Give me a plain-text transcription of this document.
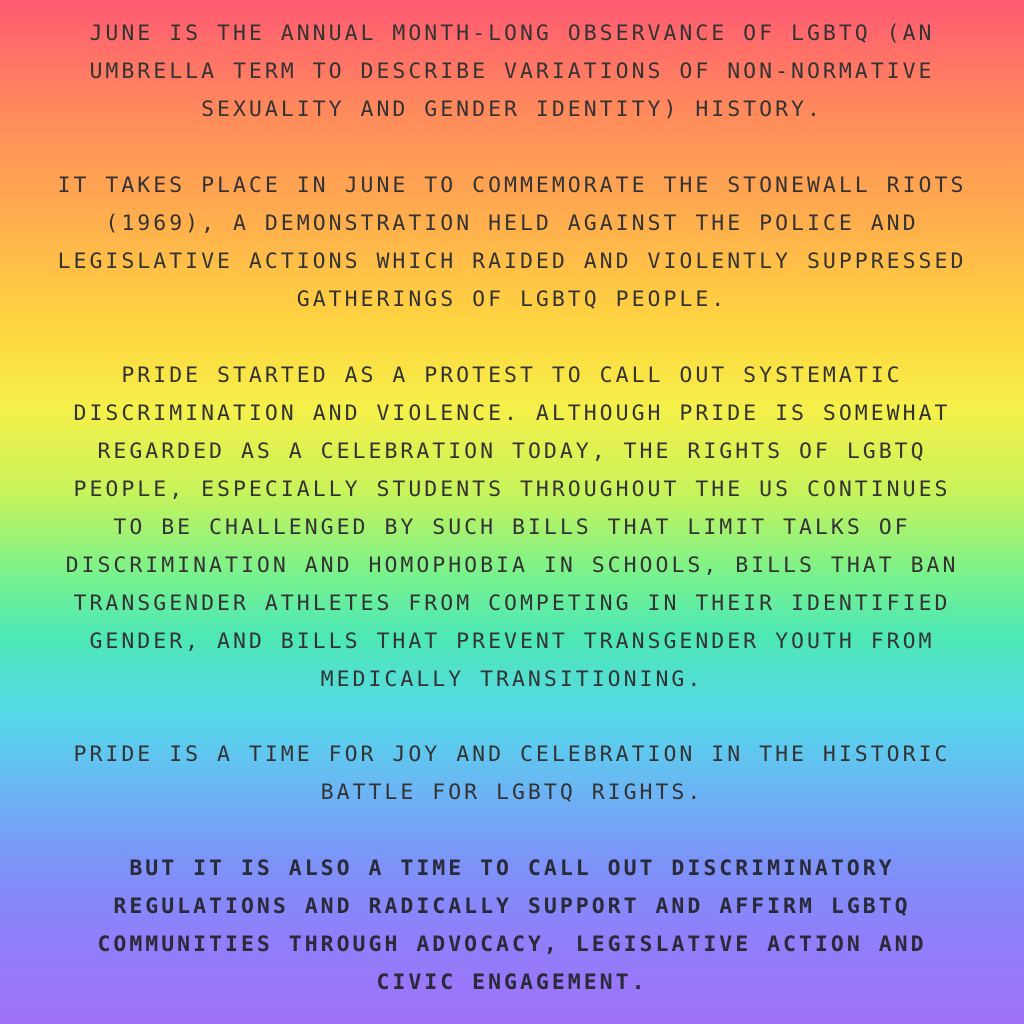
JUNE IS THE ANNUAL MONTH-LONG OBSERVANCE OF LGBTQ (AN
UMBRELLA TERM TO DESCRIBE VARIATIONS OF NON-NORMATIVE
SEXUALITY AND GENDER IDENTITY) HISTORY.

IT TAKES PLACE IN JUNE TO COMMEMORATE THE STONEWALL RIOTS
(1969), A DEMONSTRATION HELD AGAINST THE POLICE AND
LEGISLATIVE ACTIONS WHICH RAIDED AND VIOLENTLY SUPPRESSED
GATHERINGS OF LGBTQ PEOPLE.

PRIDE STARTED AS A PROTEST TO CALL OUT SYSTEMATIC
DISCRIMINATION AND VIOLENCE. ALTHOUGH PRIDE IS SOMEWHAT
REGARDED AS A CELEBRATION TODAY, THE RIGHTS OF LGBTQ
PEOPLE, ESPECIALLY STUDENTS THROUGHOUT THE US CONTINUES
TO BE CHALLENGED BY SUCH BILLS THAT LIMIT TALKS OF
DISCRIMINATION AND HOMOPHOBIA IN SCHOOLS, BILLS THAT BAN
TRANSGENDER ATHLETES FROM COMPETING IN THEIR IDENTIFIED
GENDER, AND BILLS THAT PREVENT TRANSGENDER YOUTH FROM
MEDICALLY TRANSITIONING.

PRIDE IS A TIME FOR JOY AND CELEBRATION IN THE HISTORIC
BATTLE FOR LGBTQ RIGHTS.

BUT IT IS ALSO A TIME TO CALL OUT DISCRIMINATORY
REGULATIONS AND RADICALLY SUPPORT AND AFFIRM LGBTQ
COMMUNITIES THROUGH ADVOCACY, LEGISLATIVE ACTION AND
CIVIC ENGAGEMENT.
